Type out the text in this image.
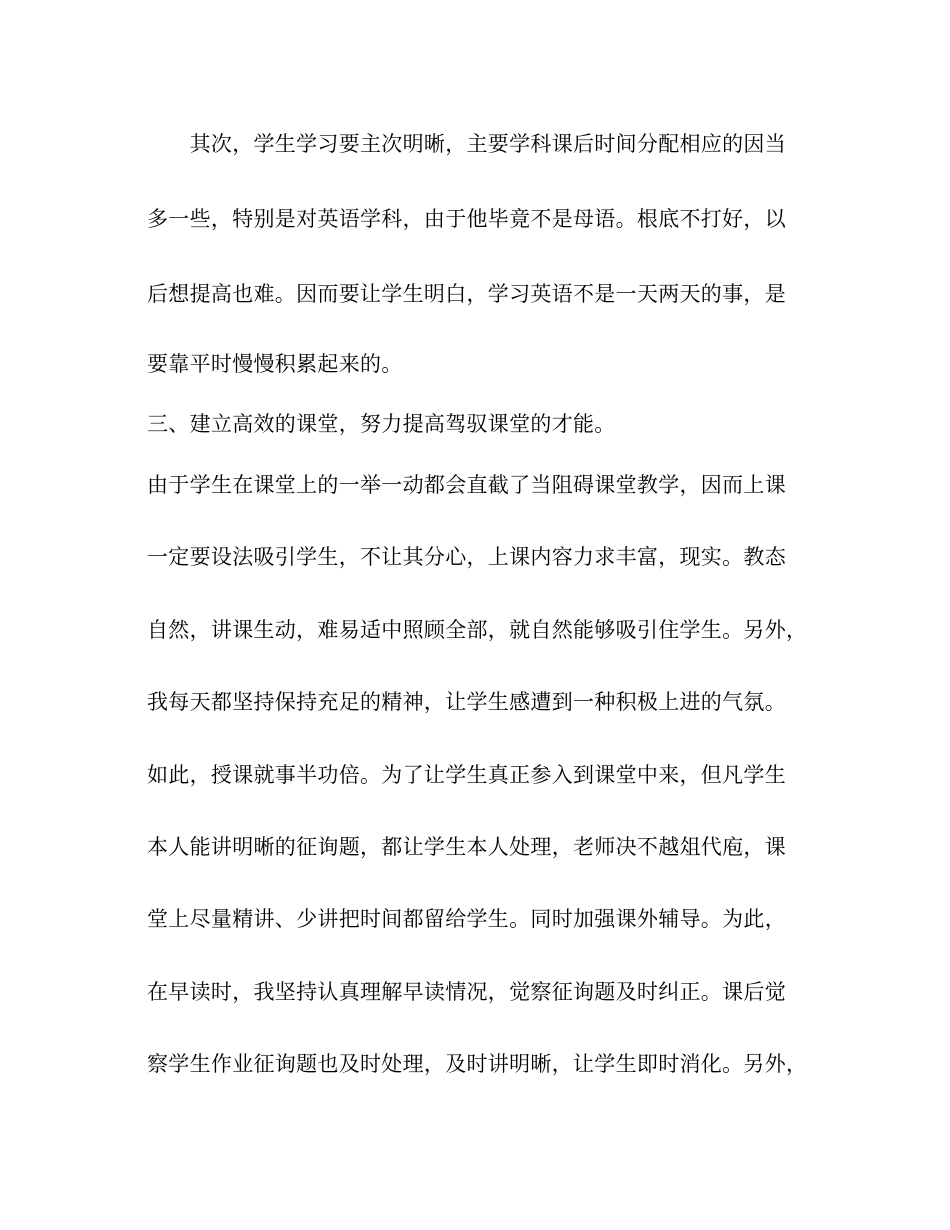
　　其次，学生学习要主次明晰，主要学科课后时间分配相应的因当
多一些，特别是对英语学科，由于他毕竟不是母语。根底不打好，以
后想提高也难。因而要让学生明白，学习英语不是一天两天的事，是
要靠平时慢慢积累起来的。
三、建立高效的课堂，努力提高驾驭课堂的才能。
由于学生在课堂上的一举一动都会直截了当阻碍课堂教学，因而上课
一定要设法吸引学生，不让其分心，上课内容力求丰富，现实。教态
自然，讲课生动，难易适中照顾全部，就自然能够吸引住学生。另外，
我每天都坚持保持充足的精神，让学生感遭到一种积极上进的气氛。
如此，授课就事半功倍。为了让学生真正参入到课堂中来，但凡学生
本人能讲明晰的征询题，都让学生本人处理，老师决不越俎代庖，课
堂上尽量精讲、少讲把时间都留给学生。同时加强课外辅导。为此，
在早读时，我坚持认真理解早读情况，觉察征询题及时纠正。课后觉
察学生作业征询题也及时处理，及时讲明晰，让学生即时消化。另外，
